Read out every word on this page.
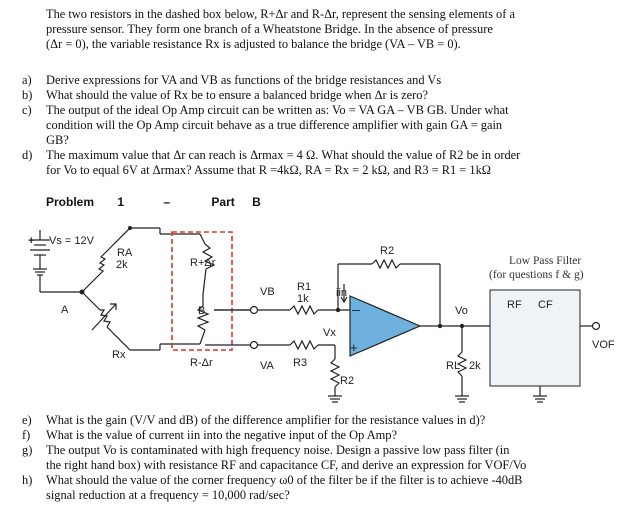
The two resistors in the dashed box below, R+Δr and R-Δr, represent the sensing elements of a
pressure sensor. They form one branch of a Wheatstone Bridge. In the absence of pressure
(Δr = 0), the variable resistance Rx is adjusted to balance the bridge (VA – VB = 0).
a) Derive expressions for VA and VB as functions of the bridge resistances and Vs
b) What should the value of Rx be to ensure a balanced bridge when Δr is zero?
c) The output of the ideal Op Amp circuit can be written as: Vo = VA GA – VB GB. Under what
condition will the Op Amp circuit behave as a true difference amplifier with gain GA = gain
GB?
d) The maximum value that Δr can reach is Δrmax = 4 Ω. What should the value of R2 be in order
for Vo to equal 6V at Δrmax? Assume that R =4kΩ, RA = Rx = 2 kΩ, and R3 = R1 = 1kΩ
Problem 1	–	Part B
Vs = 12V
+
RA
2k
Rx
R+Δr
R-Δr
A	B
VB
VA
R1
1k
R2
R3
R2
iin
Vx
–
+
Vo
RL 2k
RF CF
VOF
Low Pass Filter
(for questions f & g)
e) What is the gain (V/V and dB) of the difference amplifier for the resistance values in d)?
f) What is the value of current iin into the negative input of the Op Amp?
g) The output Vo is contaminated with high frequency noise. Design a passive low pass filter (in
the right hand box) with resistance RF and capacitance CF, and derive an expression for VOF/Vo
h) What should the value of the corner frequency ω0 of the filter be if the filter is to achieve -40dB
signal reduction at a frequency = 10,000 rad/sec?
